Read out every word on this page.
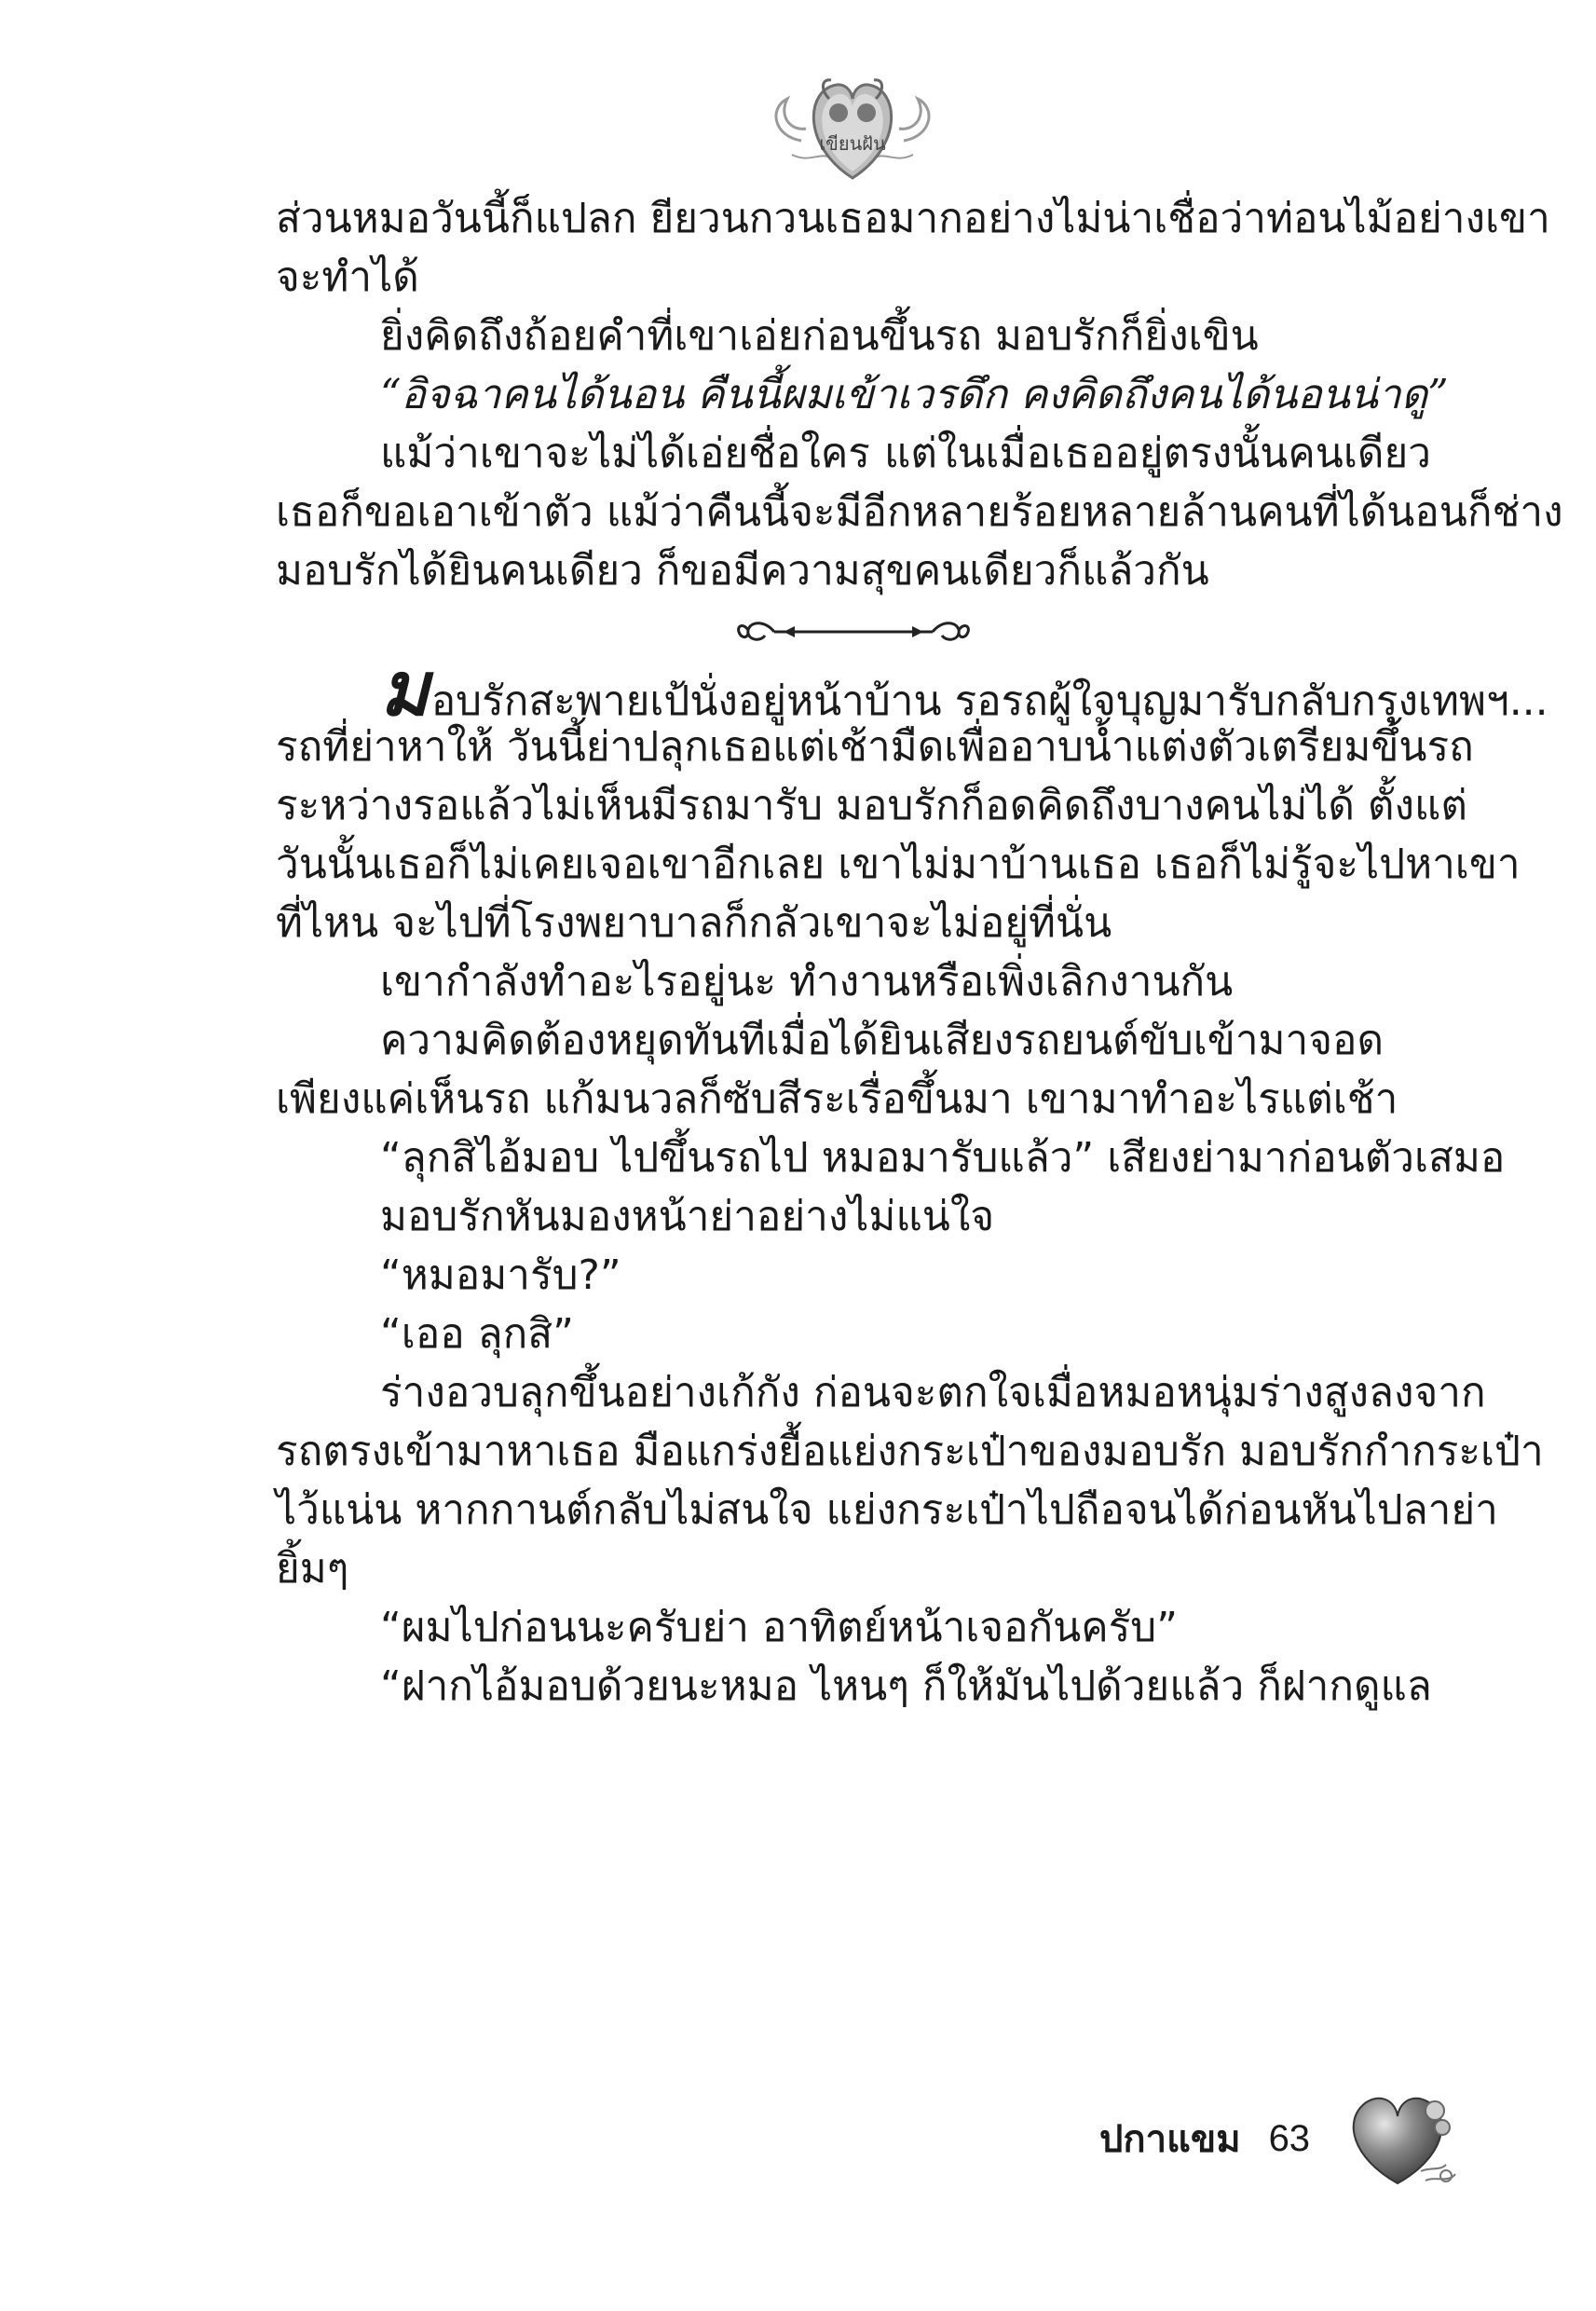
เขียนฝัน
ส่วนหมอวันนี้ก็แปลก ยียวนกวนเธอมากอย่างไม่น่าเชื่อว่าท่อนไม้อย่างเขา
จะทำได้
ยิ่งคิดถึงถ้อยคำที่เขาเอ่ยก่อนขึ้นรถ มอบรักก็ยิ่งเขิน
“อิจฉาคนได้นอน คืนนี้ผมเข้าเวรดึก คงคิดถึงคนได้นอนน่าดู”
แม้ว่าเขาจะไม่ได้เอ่ยชื่อใคร แต่ในเมื่อเธออยู่ตรงนั้นคนเดียว
เธอก็ขอเอาเข้าตัว แม้ว่าคืนนี้จะมีอีกหลายร้อยหลายล้านคนที่ได้นอนก็ช่าง
มอบรักได้ยินคนเดียว ก็ขอมีความสุขคนเดียวก็แล้วกัน
มอบรักสะพายเป้นั่งอยู่หน้าบ้าน รอรถผู้ใจบุญมารับกลับกรุงเทพฯ...
รถที่ย่าหาให้ วันนี้ย่าปลุกเธอแต่เช้ามืดเพื่ออาบน้ำแต่งตัวเตรียมขึ้นรถ
ระหว่างรอแล้วไม่เห็นมีรถมารับ มอบรักก็อดคิดถึงบางคนไม่ได้ ตั้งแต่
วันนั้นเธอก็ไม่เคยเจอเขาอีกเลย เขาไม่มาบ้านเธอ เธอก็ไม่รู้จะไปหาเขา
ที่ไหน จะไปที่โรงพยาบาลก็กลัวเขาจะไม่อยู่ที่นั่น
เขากำลังทำอะไรอยู่นะ ทำงานหรือเพิ่งเลิกงานกัน
ความคิดต้องหยุดทันทีเมื่อได้ยินเสียงรถยนต์ขับเข้ามาจอด
เพียงแค่เห็นรถ แก้มนวลก็ซับสีระเรื่อขึ้นมา เขามาทำอะไรแต่เช้า
“ลุกสิไอ้มอบ ไปขึ้นรถไป หมอมารับแล้ว” เสียงย่ามาก่อนตัวเสมอ
มอบรักหันมองหน้าย่าอย่างไม่แน่ใจ
“หมอมารับ?”
“เออ ลุกสิ”
ร่างอวบลุกขึ้นอย่างเก้กัง ก่อนจะตกใจเมื่อหมอหนุ่มร่างสูงลงจาก
รถตรงเข้ามาหาเธอ มือแกร่งยื้อแย่งกระเป๋าของมอบรัก มอบรักกำกระเป๋า
ไว้แน่น หากกานต์กลับไม่สนใจ แย่งกระเป๋าไปถือจนได้ก่อนหันไปลาย่า
ยิ้มๆ
“ผมไปก่อนนะครับย่า อาทิตย์หน้าเจอกันครับ”
“ฝากไอ้มอบด้วยนะหมอ ไหนๆ ก็ให้มันไปด้วยแล้ว ก็ฝากดูแล
ปกาแขม 63
